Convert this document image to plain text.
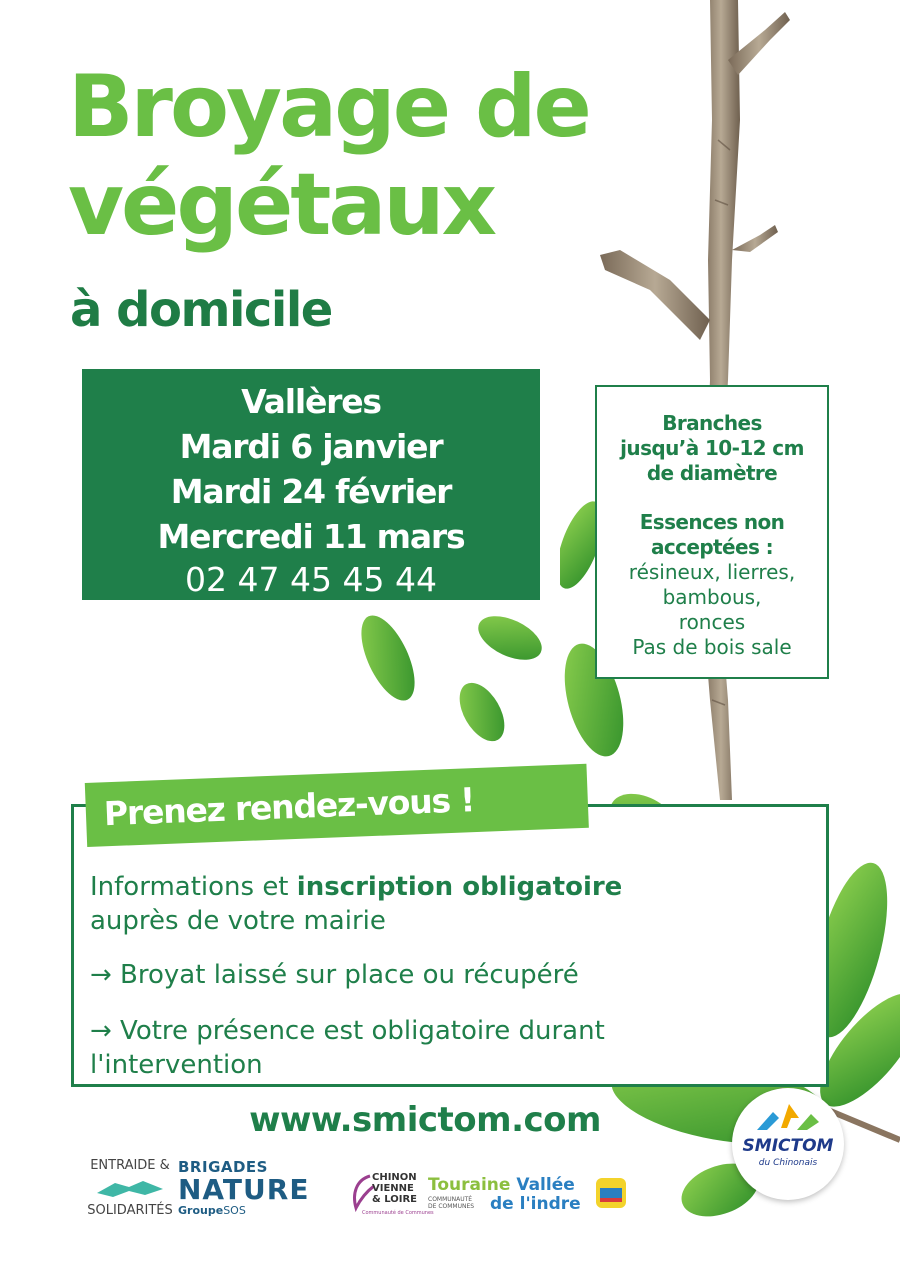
Broyage de
végétaux
à domicile
Vallères
Mardi 6 janvier
Mardi 24 février
Mercredi 11 mars
02 47 45 45 44
Branches
jusqu’à 10-12 cm
de diamètre
Essences non
acceptées :
résineux, lierres,
bambous,
ronces
Pas de bois sale
Prenez rendez-vous !
Informations et inscription obligatoire
auprès de votre mairie
→ Broyat laissé sur place ou récupéré
→ Votre présence est obligatoire durant
l'intervention
www.smictom.com
ENTRAIDE &
SOLIDARITÉS
BRIGADES
NATURE
GroupeSOS
CHINON
VIENNE
& LOIRE
Communauté de Communes
Touraine Vallée
COMMUNAUTÉ
DE COMMUNES de l'indre
SMICTOM
du Chinonais
